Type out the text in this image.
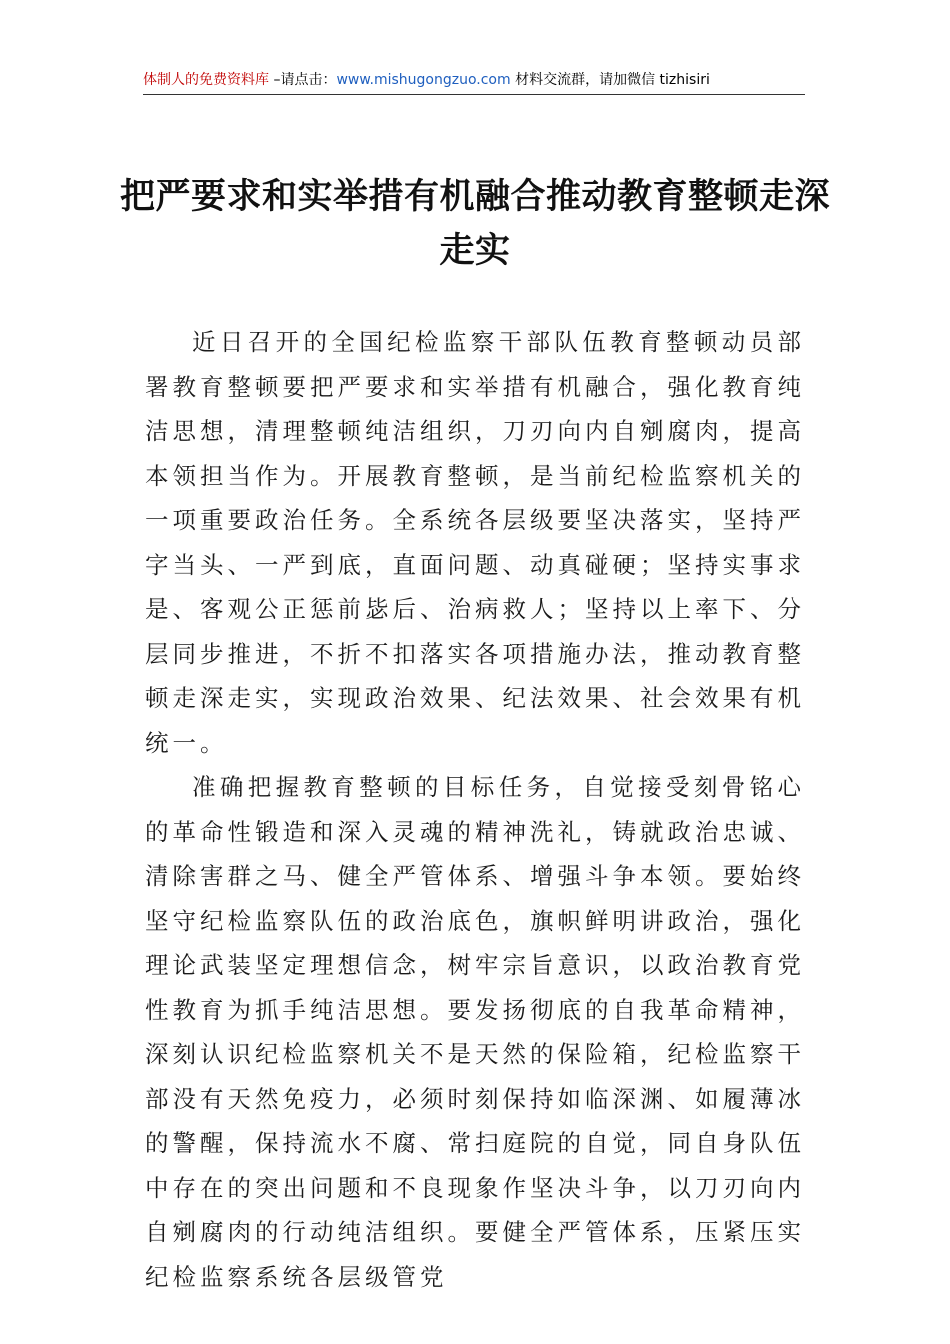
体制人的免费资料库 –请点击：www.mishugongzuo.com 材料交流群，请加微信 tizhisiri
把严要求和实举措有机融合推动教育整顿走深走实

近日召开的全国纪检监察干部队伍教育整顿动员部署教育整顿要把严要求和实举措有机融合，强化教育纯洁思想，清理整顿纯洁组织，刀刃向内自剜腐肉，提高本领担当作为。开展教育整顿，是当前纪检监察机关的一项重要政治任务。全系统各层级要坚决落实，坚持严字当头、一严到底，直面问题、动真碰硬；坚持实事求是、客观公正惩前毖后、治病救人；坚持以上率下、分层同步推进，不折不扣落实各项措施办法，推动教育整顿走深走实，实现政治效果、纪法效果、社会效果有机统一。

准确把握教育整顿的目标任务，自觉接受刻骨铭心的革命性锻造和深入灵魂的精神洗礼，铸就政治忠诚、清除害群之马、健全严管体系、增强斗争本领。要始终坚守纪检监察队伍的政治底色，旗帜鲜明讲政治，强化理论武装坚定理想信念，树牢宗旨意识，以政治教育党性教育为抓手纯洁思想。要发扬彻底的自我革命精神，深刻认识纪检监察机关不是天然的保险箱，纪检监察干部没有天然免疫力，必须时刻保持如临深渊、如履薄冰的警醒，保持流水不腐、常扫庭院的自觉，同自身队伍中存在的突出问题和不良现象作坚决斗争，以刀刃向内自剜腐肉的行动纯洁组织。要健全严管体系，压紧压实纪检监察系统各层级管党
